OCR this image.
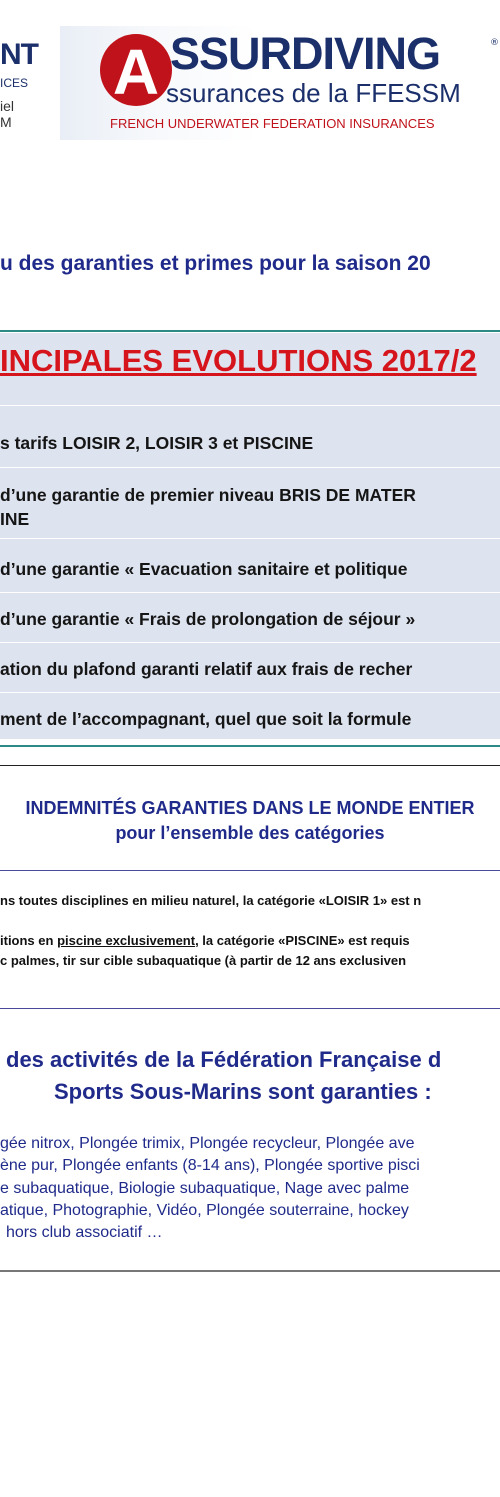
NT
ICES
iel
M
A SSURDIVING	®
ssurances de la FFESSM
FRENCH UNDERWATER FEDERATION INSURANCES
u des garanties et primes pour la saison 20
INCIPALES EVOLUTIONS 2017/2
s tarifs LOISIR 2, LOISIR 3 et PISCINE
d’une garantie de premier niveau BRIS DE MATER
INE
d’une garantie « Evacuation sanitaire et politique
d’une garantie « Frais de prolongation de séjour »
ation du plafond garanti relatif aux frais de recher
ment de l’accompagnant, quel que soit la formule
INDEMNITÉS GARANTIES DANS LE MONDE ENTIER
pour l’ensemble des catégories
ns toutes disciplines en milieu naturel, la catégorie «LOISIR 1» est n
itions en piscine exclusivement, la catégorie «PISCINE» est requis
c palmes, tir sur cible subaquatique (à partir de 12 ans exclusiven
des activités de la Fédération Française d
Sports Sous-Marins sont garanties :
gée nitrox, Plongée trimix, Plongée recycleur, Plongée ave
ène pur, Plongée enfants (8-14 ans), Plongée sportive pisci
e subaquatique, Biologie subaquatique, Nage avec palme
atique, Photographie, Vidéo, Plongée souterraine, hockey
hors club associatif …
